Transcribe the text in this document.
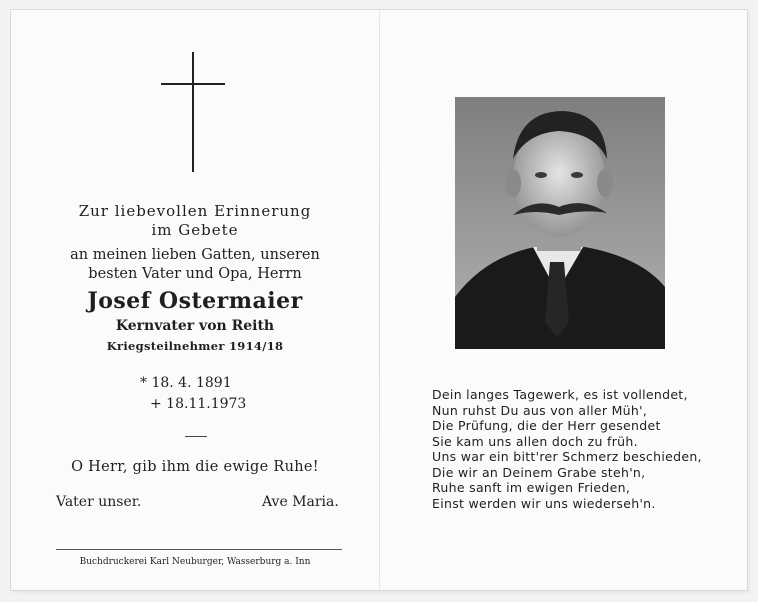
Zur liebevollen Erinnerung
im Gebete
an meinen lieben Gatten, unseren
besten Vater und Opa, Herrn
Josef Ostermaier
Kernvater von Reith
Kriegsteilnehmer 1914/18
* 18. 4. 1891
+ 18.11.1973
O Herr, gib ihm die ewige Ruhe!
Vater unser.	Ave Maria.
Buchdruckerei Karl Neuburger, Wasserburg a. Inn
Dein langes Tagewerk, es ist vollendet,
Nun ruhst Du aus von aller Müh',
Die Prüfung, die der Herr gesendet
Sie kam uns allen doch zu früh.
Uns war ein bitt'rer Schmerz beschieden,
Die wir an Deinem Grabe steh'n,
Ruhe sanft im ewigen Frieden,
Einst werden wir uns wiederseh'n.
